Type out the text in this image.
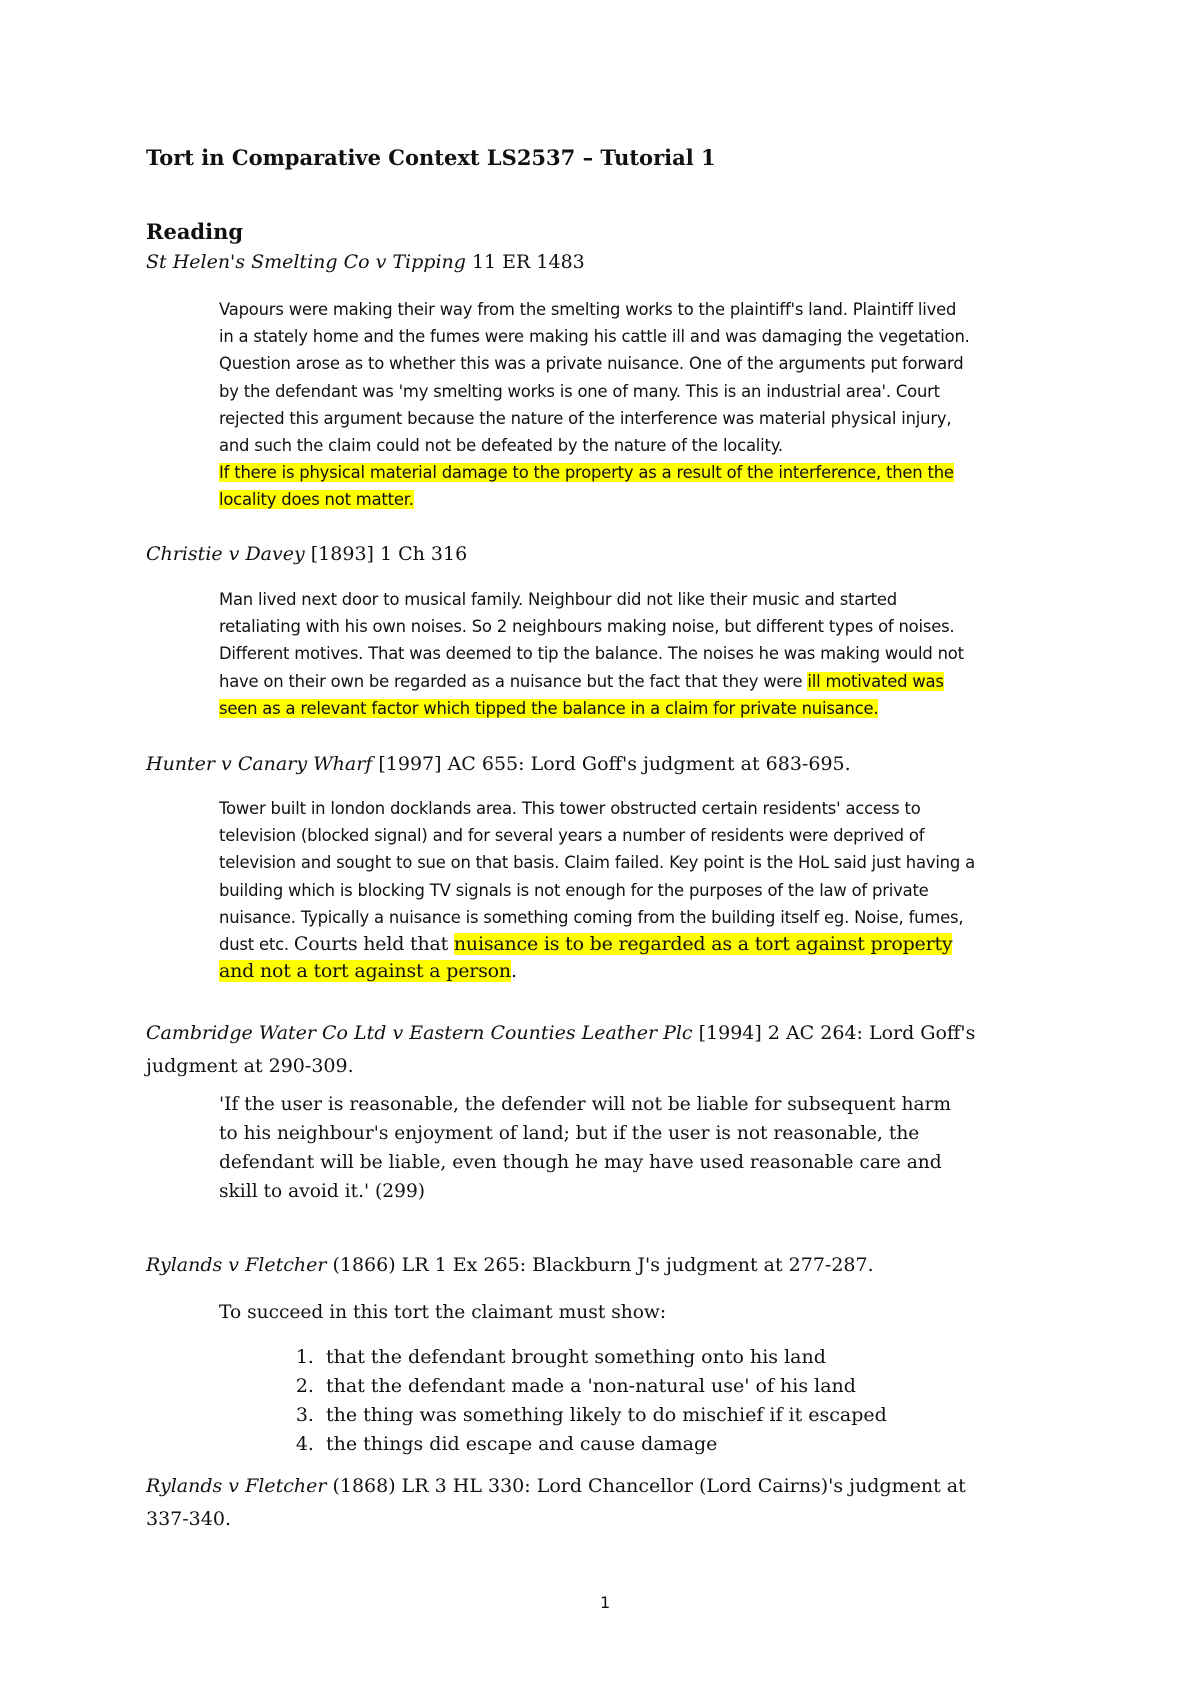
Tort in Comparative Context LS2537 – Tutorial 1
Reading
St Helen's Smelting Co v Tipping 11 ER 1483
Vapours were making their way from the smelting works to the plaintiff's land. Plaintiff lived
in a stately home and the fumes were making his cattle ill and was damaging the vegetation.
Question arose as to whether this was a private nuisance. One of the arguments put forward
by the defendant was 'my smelting works is one of many. This is an industrial area'. Court
rejected this argument because the nature of the interference was material physical injury,
and such the claim could not be defeated by the nature of the locality.
If there is physical material damage to the property as a result of the interference, then the
locality does not matter.
Christie v Davey [1893] 1 Ch 316
Man lived next door to musical family. Neighbour did not like their music and started
retaliating with his own noises. So 2 neighbours making noise, but different types of noises.
Different motives. That was deemed to tip the balance. The noises he was making would not
have on their own be regarded as a nuisance but the fact that they were ill motivated was
seen as a relevant factor which tipped the balance in a claim for private nuisance.
Hunter v Canary Wharf [1997] AC 655: Lord Goff's judgment at 683-695.
Tower built in london docklands area. This tower obstructed certain residents' access to
television (blocked signal) and for several years a number of residents were deprived of
television and sought to sue on that basis. Claim failed. Key point is the HoL said just having a
building which is blocking TV signals is not enough for the purposes of the law of private
nuisance. Typically a nuisance is something coming from the building itself eg. Noise, fumes,
dust etc. Courts held that nuisance is to be regarded as a tort against property
and not a tort against a person.
Cambridge Water Co Ltd v Eastern Counties Leather Plc [1994] 2 AC 264: Lord Goff's
judgment at 290-309.
'If the user is reasonable, the defender will not be liable for subsequent harm
to his neighbour's enjoyment of land; but if the user is not reasonable, the
defendant will be liable, even though he may have used reasonable care and
skill to avoid it.' (299)
Rylands v Fletcher (1866) LR 1 Ex 265: Blackburn J's judgment at 277-287.
To succeed in this tort the claimant must show:
1. that the defendant brought something onto his land
2. that the defendant made a 'non-natural use' of his land
3. the thing was something likely to do mischief if it escaped
4. the things did escape and cause damage
Rylands v Fletcher (1868) LR 3 HL 330: Lord Chancellor (Lord Cairns)'s judgment at
337-340.
1
